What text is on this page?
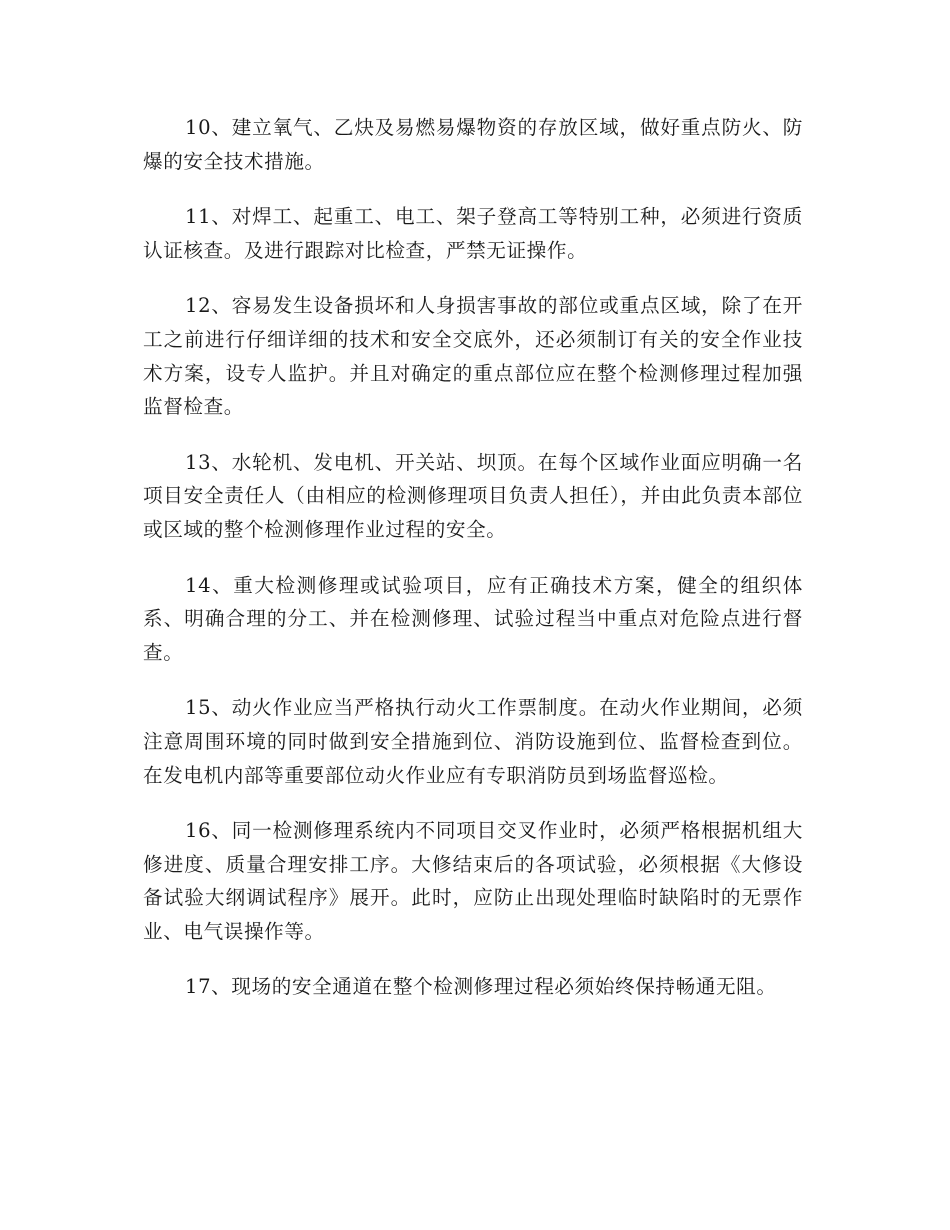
10、建立氧气、乙炔及易燃易爆物资的存放区域，做好重点防火、防爆的安全技术措施。

11、对焊工、起重工、电工、架子登高工等特别工种，必须进行资质认证核查。及进行跟踪对比检查，严禁无证操作。

12、容易发生设备损坏和人身损害事故的部位或重点区域，除了在开工之前进行仔细详细的技术和安全交底外，还必须制订有关的安全作业技术方案，设专人监护。并且对确定的重点部位应在整个检测修理过程加强监督检查。

13、水轮机、发电机、开关站、坝顶。在每个区域作业面应明确一名项目安全责任人（由相应的检测修理项目负责人担任），并由此负责本部位或区域的整个检测修理作业过程的安全。

14、重大检测修理或试验项目，应有正确技术方案，健全的组织体系、明确合理的分工、并在检测修理、试验过程当中重点对危险点进行督查。

15、动火作业应当严格执行动火工作票制度。在动火作业期间，必须注意周围环境的同时做到安全措施到位、消防设施到位、监督检查到位。在发电机内部等重要部位动火作业应有专职消防员到场监督巡检。

16、同一检测修理系统内不同项目交叉作业时，必须严格根据机组大修进度、质量合理安排工序。大修结束后的各项试验，必须根据《大修设备试验大纲调试程序》展开。此时，应防止出现处理临时缺陷时的无票作业、电气误操作等。

17、现场的安全通道在整个检测修理过程必须始终保持畅通无阻。
